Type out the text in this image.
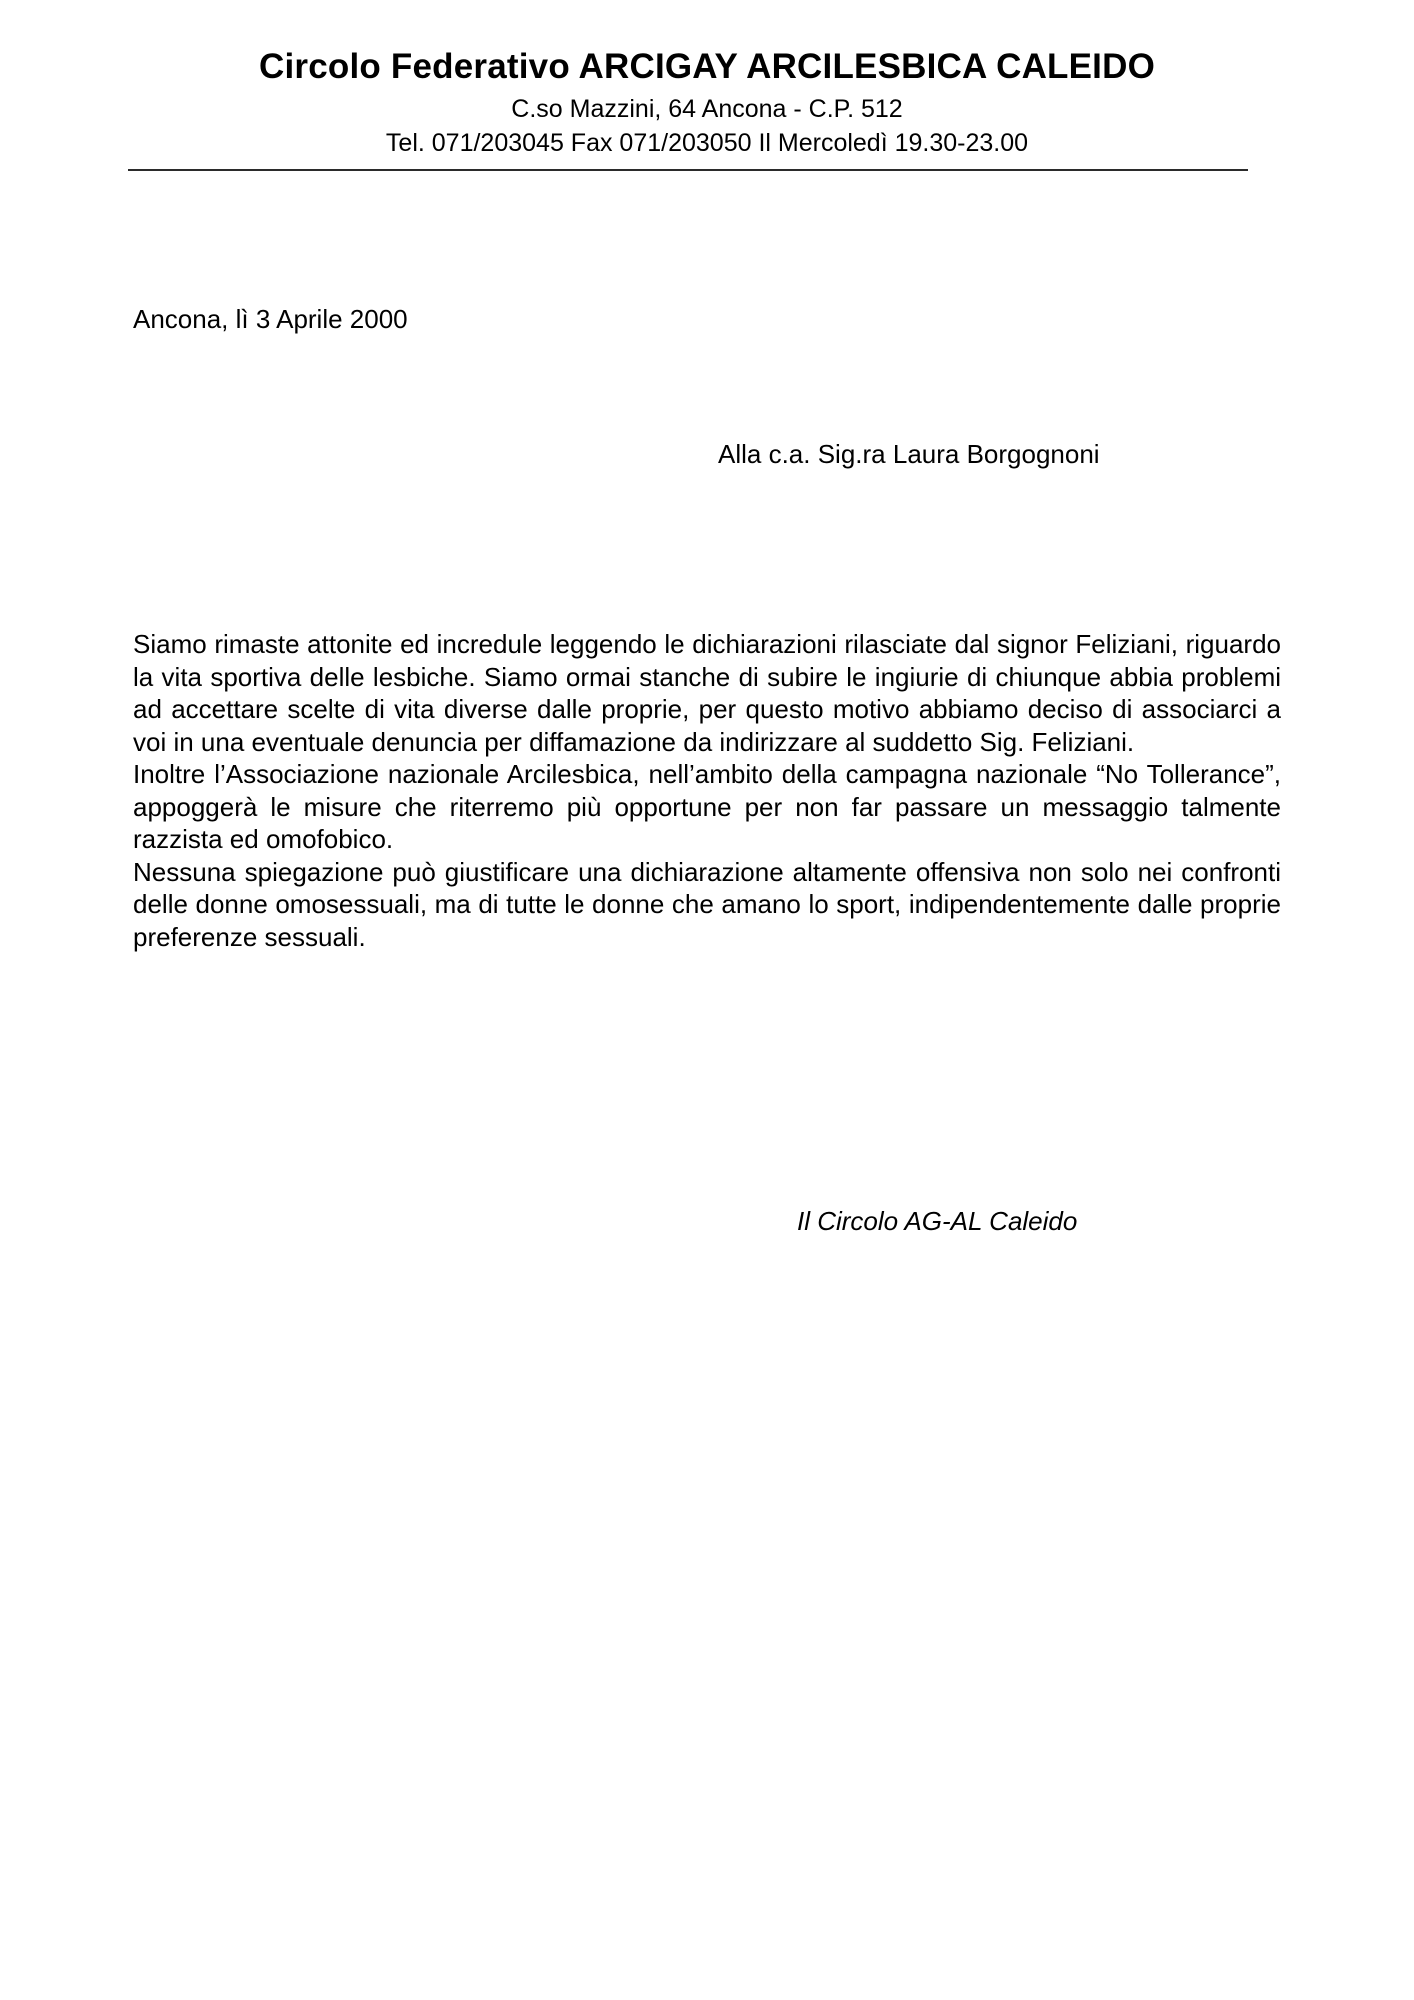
Circolo Federativo ARCIGAY ARCILESBICA CALEIDO
C.so Mazzini, 64 Ancona - C.P. 512
Tel. 071/203045 Fax 071/203050 Il Mercoledì 19.30-23.00
Ancona, lì 3 Aprile 2000
Alla c.a. Sig.ra Laura Borgognoni

Siamo rimaste attonite ed incredule leggendo le dichiarazioni rilasciate dal signor Feliziani, riguardo la vita sportiva delle lesbiche. Siamo ormai stanche di subire le ingiurie di chiunque abbia problemi ad accettare scelte di vita diverse dalle proprie, per questo motivo abbiamo deciso di associarci a voi in una eventuale denuncia per diffamazione da indirizzare al suddetto Sig. Feliziani.

Inoltre l’Associazione nazionale Arcilesbica, nell’ambito della campagna nazionale “No Tollerance”, appoggerà le misure che riterremo più opportune per non far passare un messaggio talmente razzista ed omofobico.

Nessuna spiegazione può giustificare una dichiarazione altamente offensiva non solo nei confronti delle donne omosessuali, ma di tutte le donne che amano lo sport, indipendentemente dalle proprie preferenze sessuali.

Il Circolo AG-AL Caleido
